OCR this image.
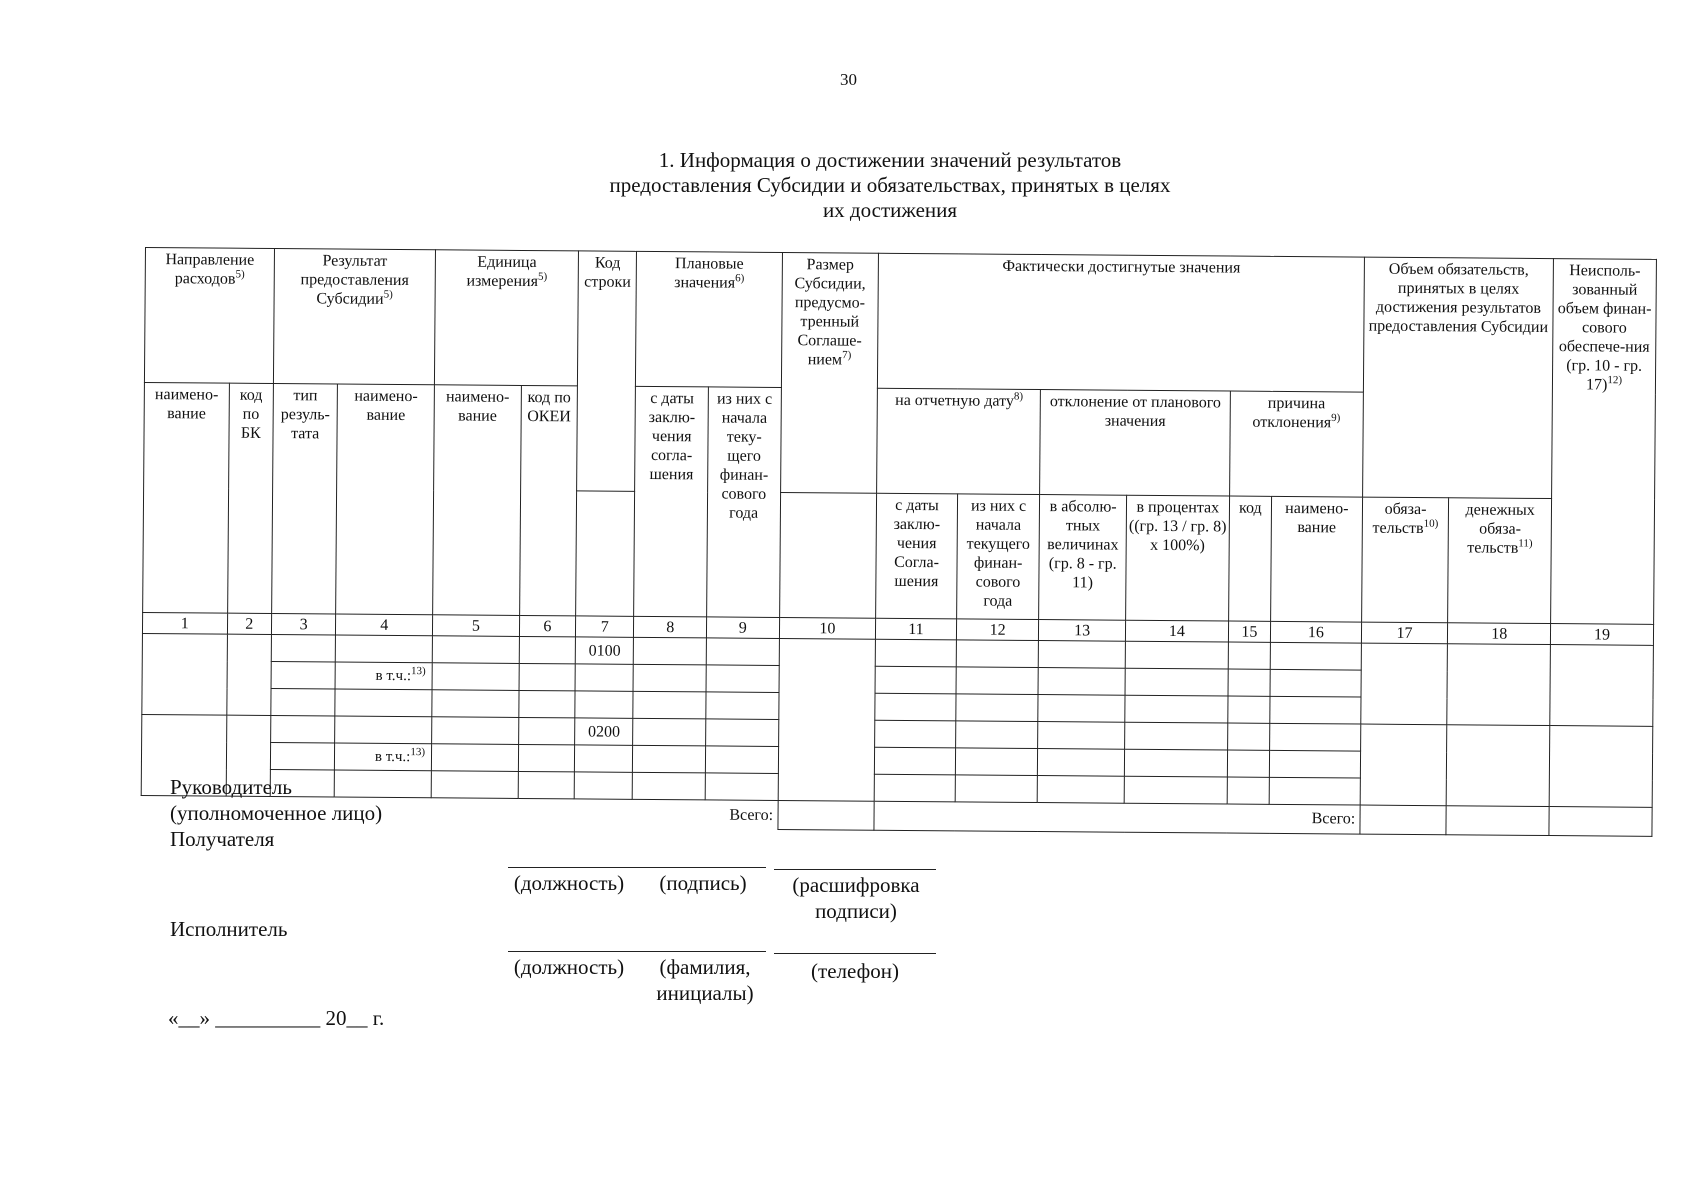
30
1. Информация о достижении значений результатов
предоставления Субсидии и обязательствах, принятых в целях
их достижения
Направление расходов$^{5)}$		Результат предоставления Субсидии$^{5)}$		Единица измерения$^{5)}$		Код строки	Плановые значения$^{6)}$		Размер Субсидии, предусмо-тренный Соглаше-нием$^{7)}$	Фактически достигнутые значения						Объем обязательств, принятых в целях достижения результатов предоставления Субсидии		Неисполь-зованный объем финан-сового обеспече-ния (гр. 10 - гр. 17)$^{12)}$
наимено-вание	код по БК	тип резуль-тата	наимено-вание	наимено-вание	код по ОКЕИ		с даты заклю-чения согла-шения	из них с начала теку-щего финан-сового года		на отчетную дату$^{8)}$		отклонение от планового значения		причина отклонения$^{9)}$
										с даты заклю-чения Согла-шения	из них с начала текущего финан-сового года	в абсолю-тных величинах (гр. 8 - гр. 11)	в процентах ((гр. 13 / гр. 8) x 100%)	код	наимено-вание	обяза-тельств$^{10)}$	денежных обяза-тельств$^{11)}$
1	2	3	4	5	6	7	8	9	10	11	12	13	14	15	16	17	18	19
						0100												
			в т.ч.:$^{13)}$											

						0200												
			в т.ч.:$^{13)}$											

Всего:										Всего:								
Руководитель
(уполномоченное лицо)
Получателя
(должность)	(подпись)	(расшифровка
подписи)
Исполнитель
(должность)	(фамилия,
инициалы)
(телефон)
«__» __________ 20__ г.
